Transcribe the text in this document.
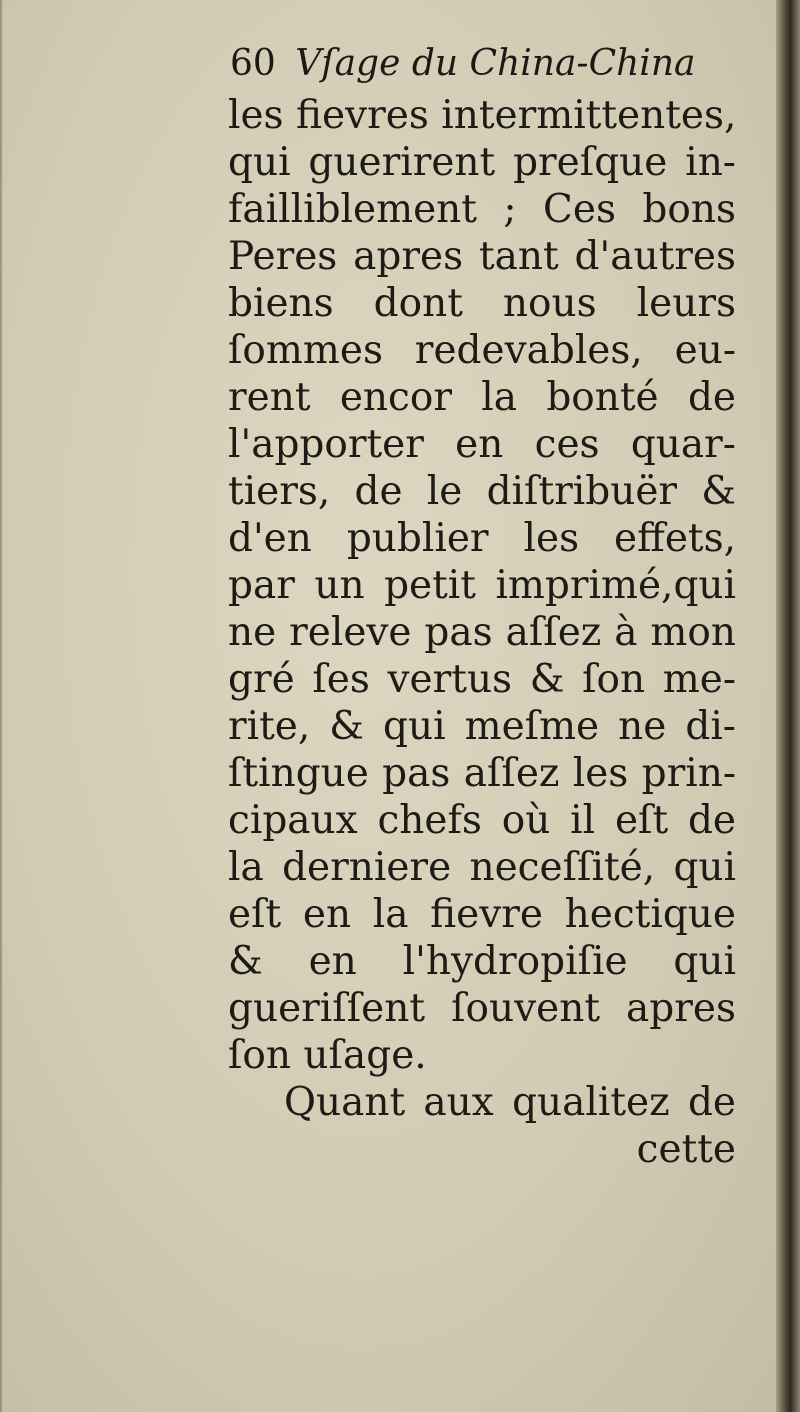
60 Vſage du China-China
les fievres intermittentes,
qui guerirent preſque in-
failliblement ; Ces bons
Peres apres tant d'autres
biens dont nous leurs
ſommes redevables, eu-
rent encor la bonté de
l'apporter en ces quar-
tiers, de le diſtribuër &
d'en publier les effets,
par un petit imprimé,qui
ne releve pas aſſez à mon
gré ſes vertus & ſon me-
rite, & qui meſme ne di-
ſtingue pas aſſez les prin-
cipaux chefs où il eſt de
la derniere neceſſité, qui
eſt en la fievre hectique
& en l'hydropiſie qui
gueriſſent ſouvent apres
ſon uſage.
Quant aux qualitez de
cette
